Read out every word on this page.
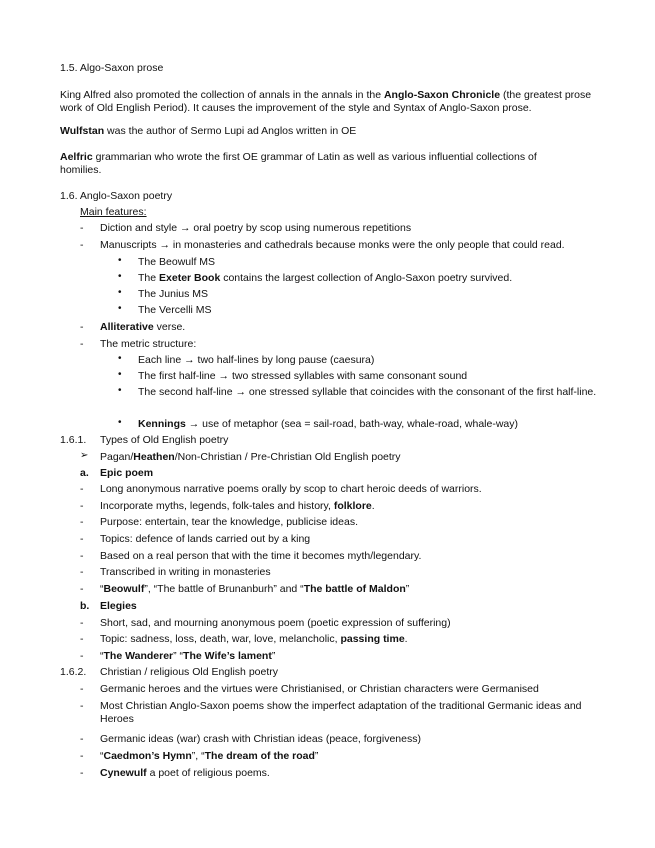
1.5. Algo-Saxon prose
King Alfred also promoted the collection of annals in the annals in the Anglo-Saxon Chronicle (the greatest prose work of Old English Period). It causes the improvement of the style and Syntax of Anglo-Saxon prose.
Wulfstan was the author of Sermo Lupi ad Anglos written in OE
Aelfric grammarian who wrote the first OE grammar of Latin as well as various influential collections of homilies.
1.6. Anglo-Saxon poetry
Main features:
- Diction and style → oral poetry by scop using numerous repetitions
- Manuscripts → in monasteries and cathedrals because monks were the only people that could read.
• The Beowulf MS
• The Exeter Book contains the largest collection of Anglo-Saxon poetry survived.
• The Junius MS
• The Vercelli MS
- Alliterative verse.
- The metric structure:
• Each line → two half-lines by long pause (caesura)
• The first half-line → two stressed syllables with same consonant sound
• The second half-line → one stressed syllable that coincides with the consonant of the first half-line.
• Kennings → use of metaphor (sea = sail-road, bath-way, whale-road, whale-way)
1.6.1.	Types of Old English poetry
➢ Pagan/Heathen/Non-Christian / Pre-Christian Old English poetry
a.	Epic poem
- Long anonymous narrative poems orally by scop to chart heroic deeds of warriors.
- Incorporate myths, legends, folk-tales and history, folklore.
- Purpose: entertain, tear the knowledge, publicise ideas.
- Topics: defence of lands carried out by a king
- Based on a real person that with the time it becomes myth/legendary.
- Transcribed in writing in monasteries
- “Beowulf”, “The battle of Brunanburh” and “The battle of Maldon”
b.	Elegies
- Short, sad, and mourning anonymous poem (poetic expression of suffering)
- Topic: sadness, loss, death, war, love, melancholic, passing time.
- “The Wanderer” “The Wife’s lament”
1.6.2.	Christian / religious Old English poetry
- Germanic heroes and the virtues were Christianised, or Christian characters were Germanised
- Most Christian Anglo-Saxon poems show the imperfect adaptation of the traditional Germanic ideas and Heroes
- Germanic ideas (war) crash with Christian ideas (peace, forgiveness)
- “Caedmon’s Hymn”, “The dream of the road”
- Cynewulf a poet of religious poems.
